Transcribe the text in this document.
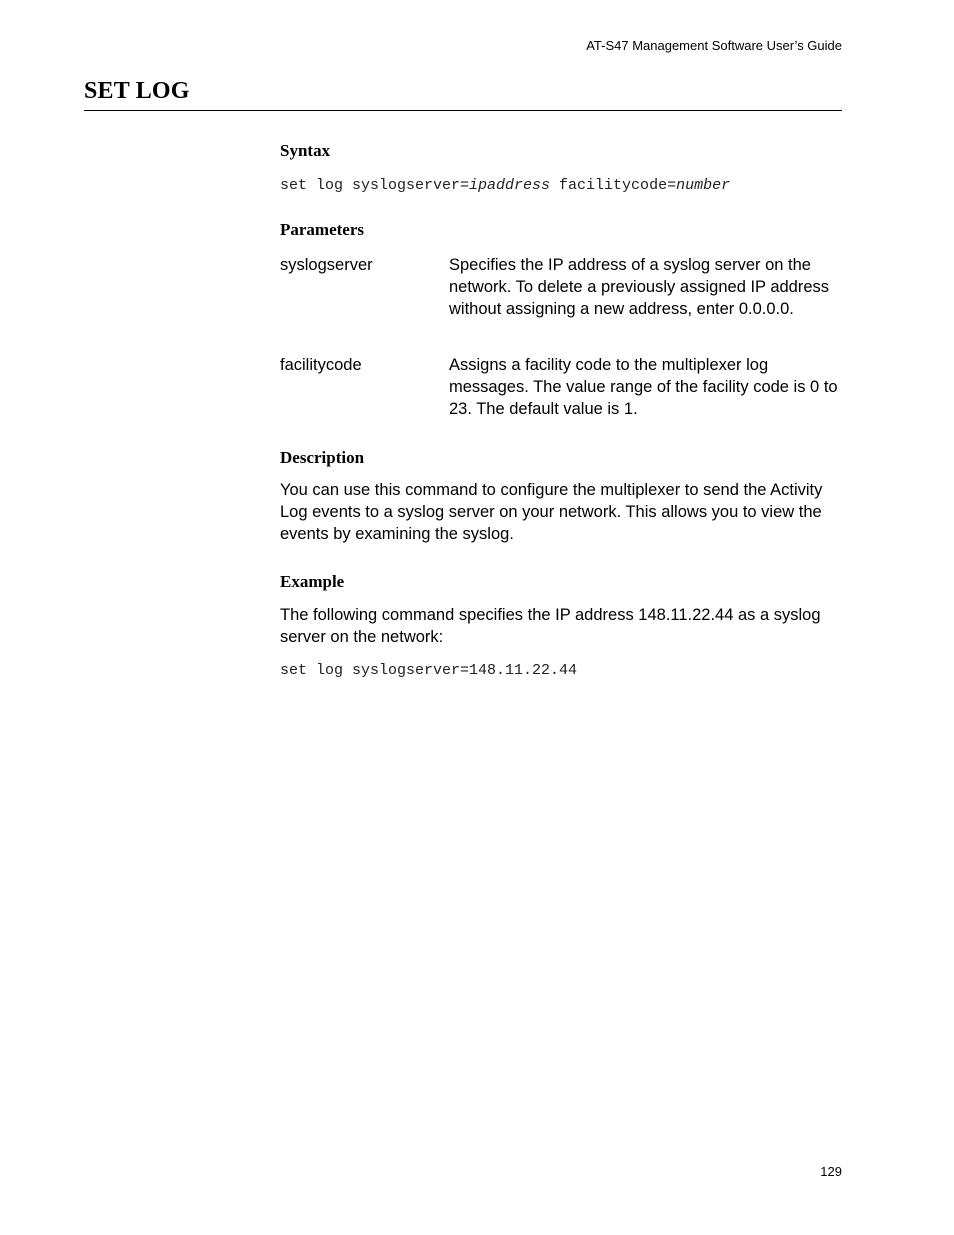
AT-S47 Management Software User’s Guide
SET LOG
Syntax
set log syslogserver=ipaddress facilitycode=number
Parameters
syslogserver	Specifies the IP address of a syslog server on the network. To delete a previously assigned IP address without assigning a new address, enter 0.0.0.0.
facilitycode	Assigns a facility code to the multiplexer log messages. The value range of the facility code is 0 to 23. The default value is 1.
Description

You can use this command to configure the multiplexer to send the Activity Log events to a syslog server on your network. This allows you to view the events by examining the syslog.

Example

The following command specifies the IP address 148.11.22.44 as a syslog server on the network:

set log syslogserver=148.11.22.44
129
